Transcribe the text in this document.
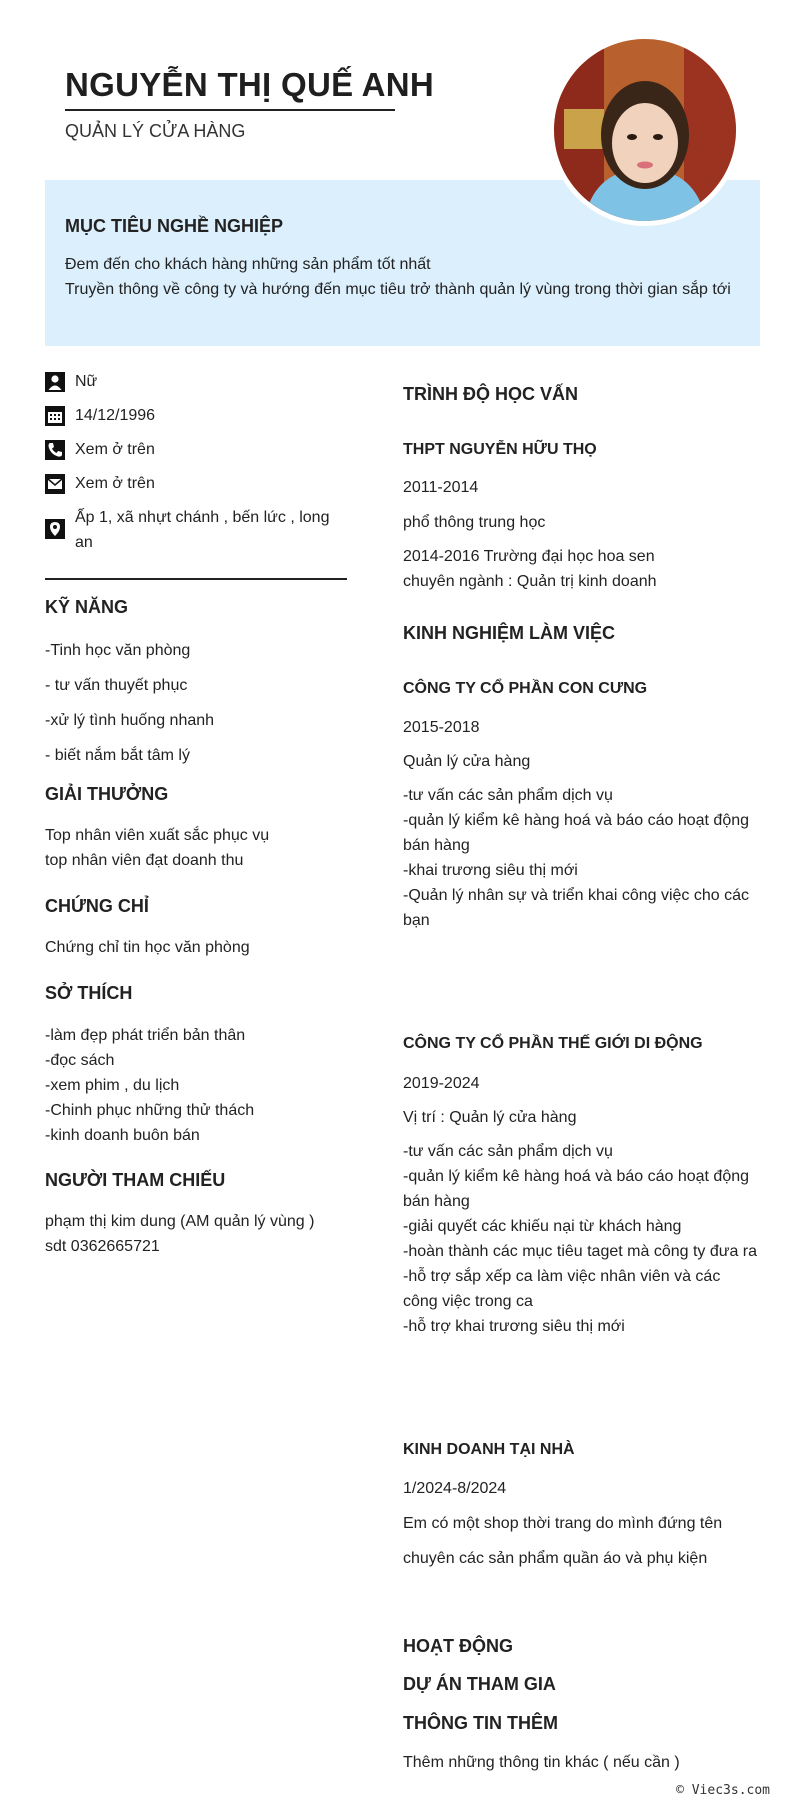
NGUYỄN THỊ QUẾ ANH
QUẢN LÝ CỬA HÀNG
MỤC TIÊU NGHỀ NGHIỆP
Đem đến cho khách hàng những sản phẩm tốt nhất
Truyền thông về công ty và hướng đến mục tiêu trở thành quản lý vùng trong thời gian sắp tới
Nữ
14/12/1996
Xem ở trên
Xem ở trên
Ấp 1, xã nhựt chánh , bến lức , long an
KỸ NĂNG
-Tinh học văn phòng
- tư vấn thuyết phục
-xử lý tình huống nhanh
- biết nắm bắt tâm lý
GIẢI THƯỞNG
Top nhân viên xuất sắc phục vụ
top nhân viên đạt doanh thu
CHỨNG CHỈ
Chứng chỉ tin học văn phòng
SỞ THÍCH
-làm đẹp phát triển bản thân
-đọc sách
-xem phim , du lịch
-Chinh phục những thử thách
-kinh doanh buôn bán
NGƯỜI THAM CHIẾU
phạm thị kim dung (AM quản lý vùng )
sdt 0362665721
TRÌNH ĐỘ HỌC VẤN
THPT NGUYỄN HỮU THỌ
2011-2014
phổ thông trung học
2014-2016 Trường đại học hoa sen
chuyên ngành : Quản trị kinh doanh
KINH NGHIỆM LÀM VIỆC
CÔNG TY CỔ PHẦN CON CƯNG
2015-2018
Quản lý cửa hàng
-tư vấn các sản phẩm dịch vụ
-quản lý kiểm kê hàng hoá và báo cáo hoạt động bán hàng
-khai trương siêu thị mới
-Quản lý nhân sự và triển khai công việc cho các bạn
CÔNG TY CỔ PHẦN THẾ GIỚI DI ĐỘNG
2019-2024
Vị trí : Quản lý cửa hàng
-tư vấn các sản phẩm dịch vụ
-quản lý kiểm kê hàng hoá và báo cáo hoạt động bán hàng
-giải quyết các khiếu nại từ khách hàng
-hoàn thành các mục tiêu taget mà công ty đưa ra
-hỗ trợ sắp xếp ca làm việc nhân viên và các công việc trong ca
-hỗ trợ khai trương siêu thị mới
KINH DOANH TẠI NHÀ
1/2024-8/2024
Em có một shop thời trang do mình đứng tên
chuyên các sản phẩm quần áo và phụ kiện
HOẠT ĐỘNG
DỰ ÁN THAM GIA
THÔNG TIN THÊM
Thêm những thông tin khác ( nếu cần )
© Viec3s.com
